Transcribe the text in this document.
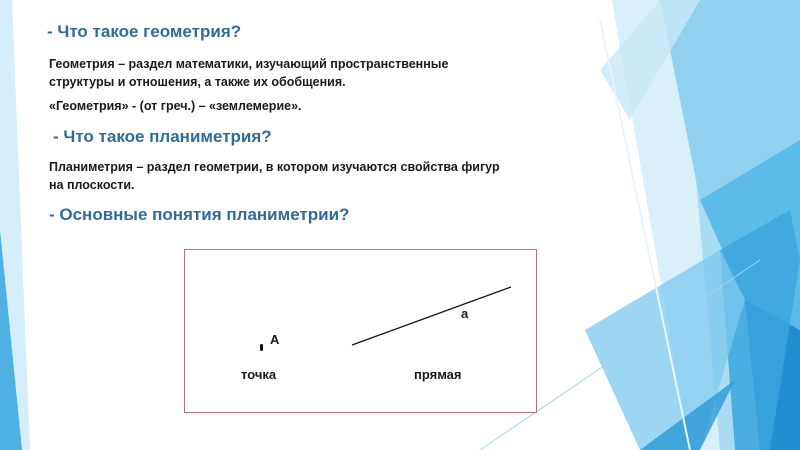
- Что такое геометрия?

Геометрия – раздел математики, изучающий пространственные

структуры и отношения, а также их обобщения.

«Геометрия» - (от греч.) – «землемерие».

- Что такое планиметрия?

Планиметрия – раздел геометрии, в котором изучаются свойства фигур

на плоскости.

- Основные понятия планиметрии?

A

точка

a

прямая
